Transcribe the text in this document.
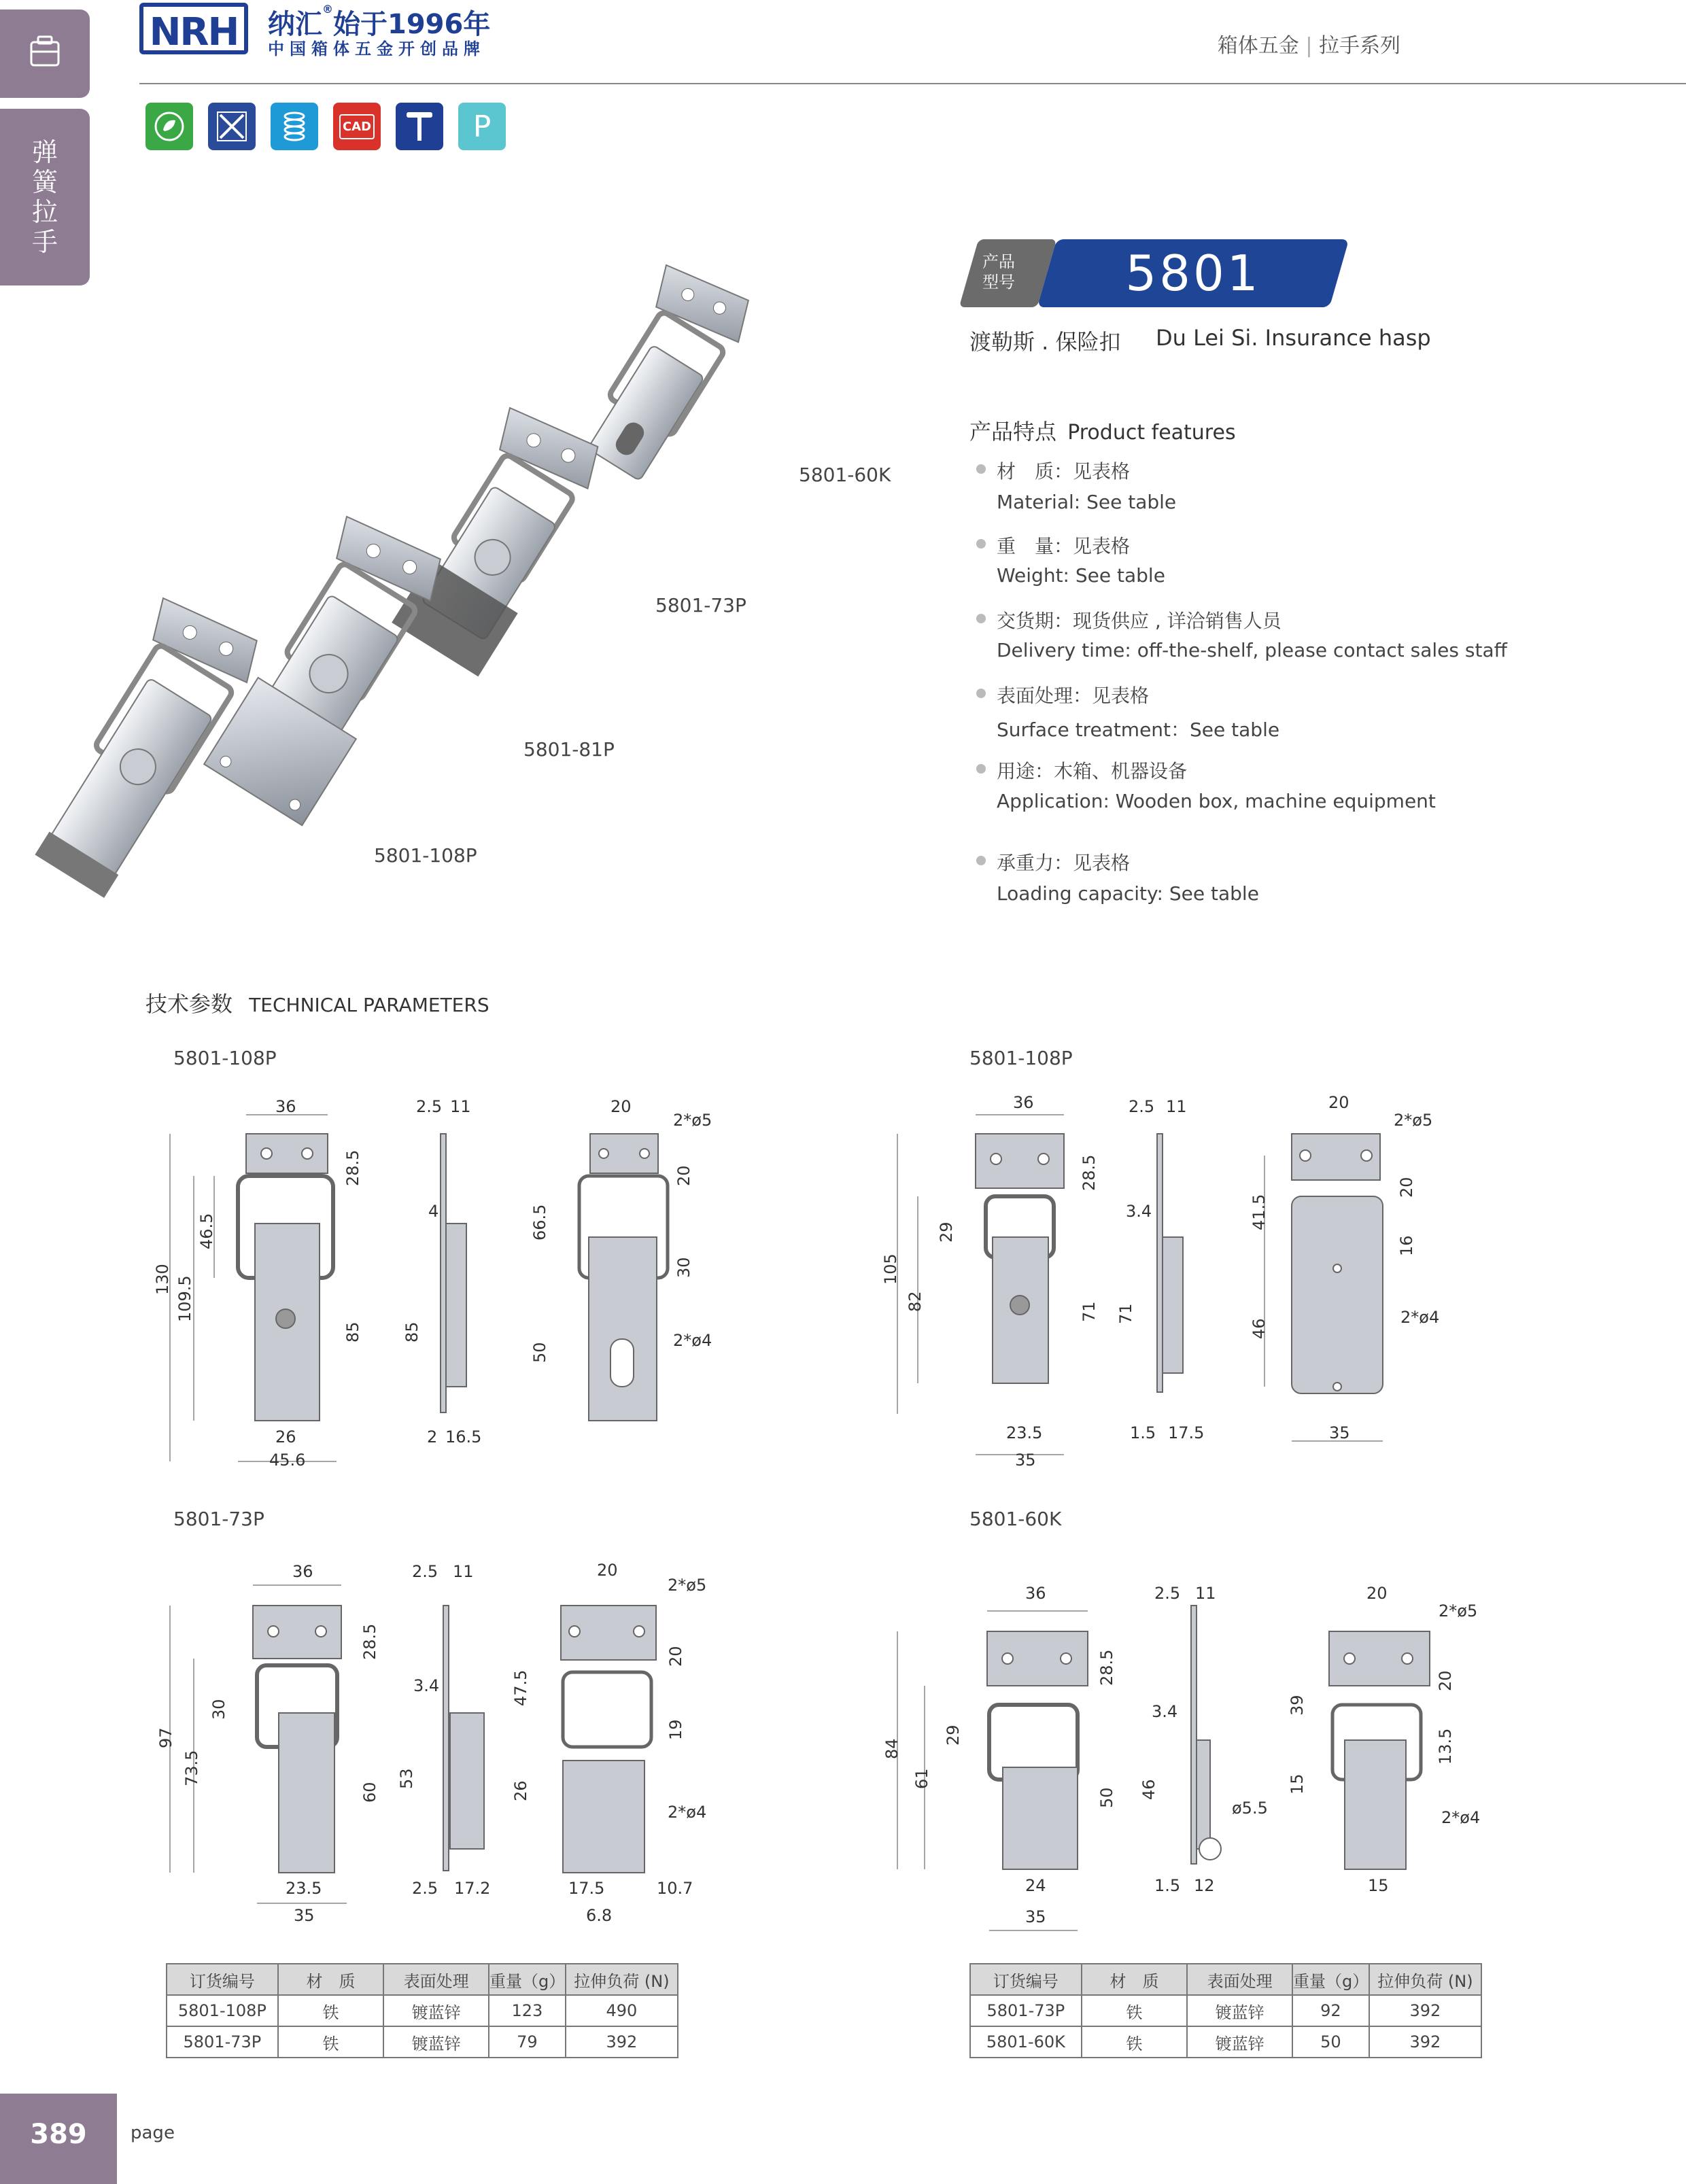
弹簧拉手
NRH	纳汇®始于1996年
中国箱体五金开创品牌	箱体五金 | 拉手系列
CAD	P
产品
型号	5801
渡勒斯 . 保险扣 Du Lei Si. Insurance hasp
5801-60K
5801-73P
5801-81P
5801-108P
产品特点 Product features
材　质：见表格
Material: See table
重　量：见表格
Weight: See table
交货期：现货供应 , 详洽销售人员
Delivery time: off-the-shelf, please contact sales staff
表面处理：见表格
Surface treatment：See table
用途：木箱、机器设备
Application: Wooden box, machine equipment
承重力：见表格
Loading capacity: See table
技术参数 TECHNICAL PARAMETERS
5801-108P	5801-108P
5801-73P	5801-60K
36
28.5
46.5
130 109.5
85
26
45.6
2.5 11
4
85
2 16.5
20
2*ø5
20
66.5
30
50
2*ø4
36
28.5
29
105
82	71
23.5
35
2.5 11
3.4
71
1.5 17.5
20
2*ø5
41.5
20
16
46
2*ø4
35
36
28.5
30
97
73.5
60
23.5
35
2.5 11
3.4
53
2.5 17.2
20
2*ø5
47.5
20
19
26
2*ø4
17.5	10.7
6.8
36
28.5
29
84
61
50
24
35
2.5 11
3.4
46
ø5.5
1.5 12
20
2*ø5
39
20
13.5
15
2*ø4
15
订货编号	材　质	表面处理	重量（g）	拉伸负荷 (N)
5801-108P	铁	镀蓝锌	123	490
5801-73P	铁	镀蓝锌	79	392
订货编号	材　质	表面处理	重量（g）	拉伸负荷 (N)
5801-73P	铁	镀蓝锌	92	392
5801-60K	铁	镀蓝锌	50	392
389	page
